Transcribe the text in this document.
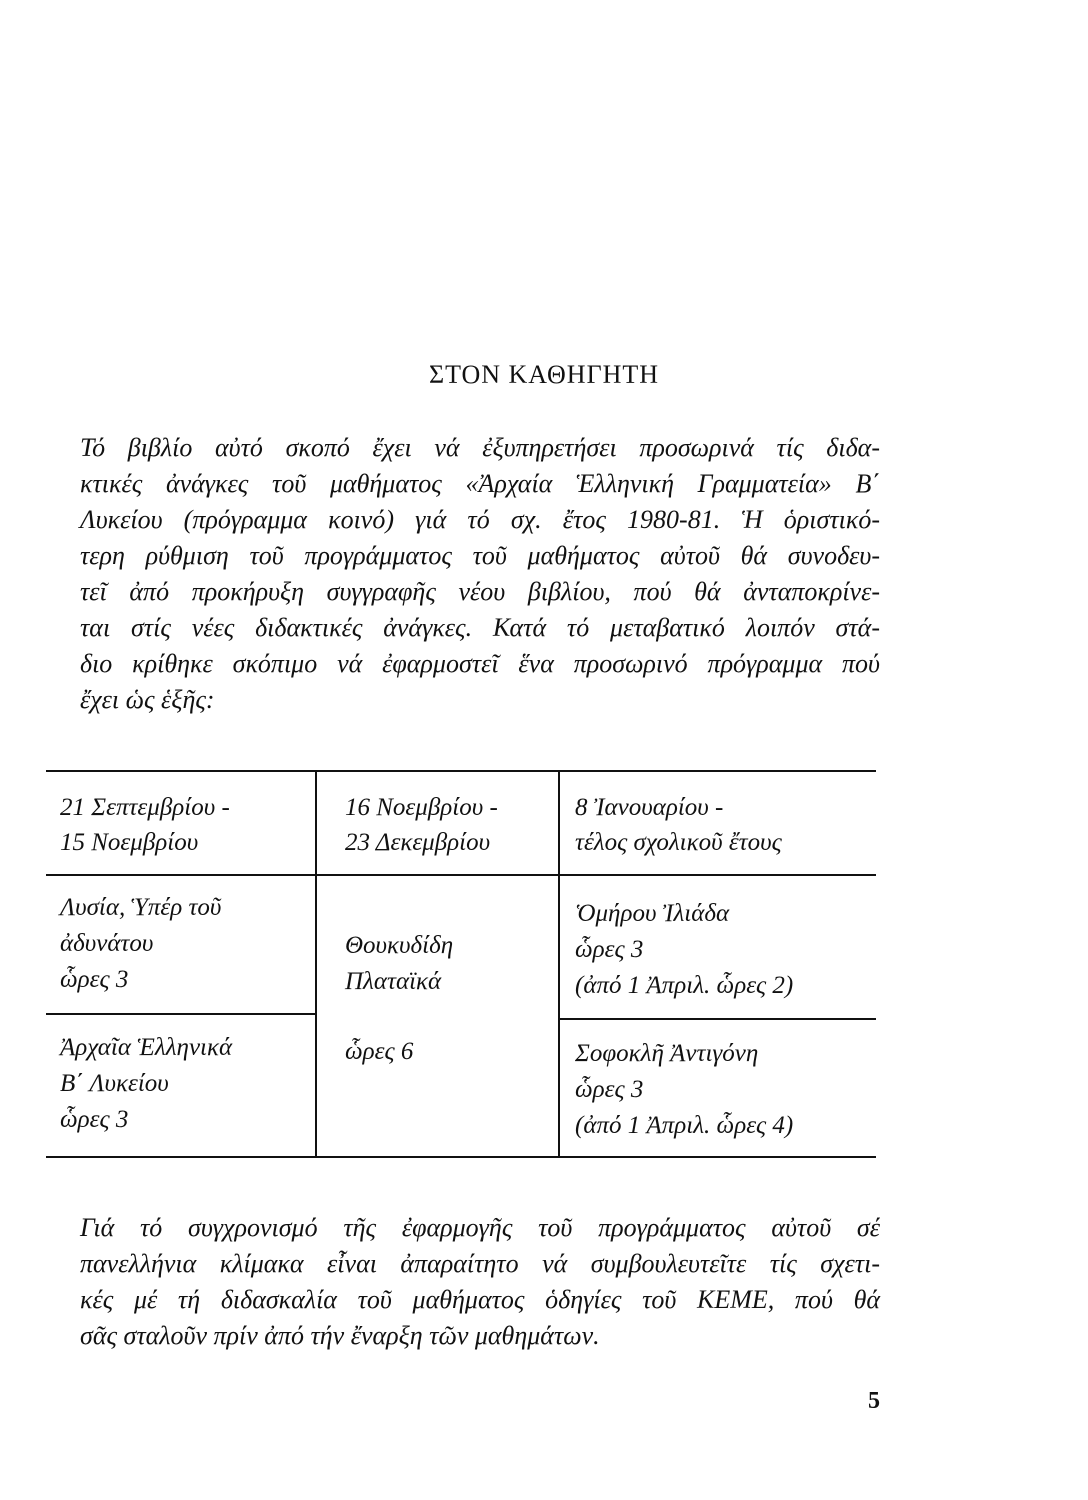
ΣΤΟΝ ΚΑΘΗΓΗΤΗ
Τό βιβλίο αὐτό σκοπό ἔχει νά ἐξυπηρετήσει προσωρινά τίς διδα-
κτικές ἀνάγκες τοῦ μαθήματος «Ἀρχαία Ἑλληνική Γραμματεία» Β΄
Λυκείου (πρόγραμμα κοινό) γιά τό σχ. ἔτος 1980-81. Ἡ ὁριστικό-
τερη ρύθμιση τοῦ προγράμματος τοῦ μαθήματος αὐτοῦ θά συνοδευ-
τεῖ ἀπό προκήρυξη συγγραφῆς νέου βιβλίου, πού θά ἀνταποκρίνε-
ται στίς νέες διδακτικές ἀνάγκες. Κατά τό μεταβατικό λοιπόν στά-
διο κρίθηκε σκόπιμο νά ἐφαρμοστεῖ ἕνα προσωρινό πρόγραμμα πού
ἔχει ὡς ἑξῆς:
21 Σεπτεμβρίου -
15 Νοεμβρίου
16 Νοεμβρίου -
23 Δεκεμβρίου
8 Ἰανουαρίου -
τέλος σχολικοῦ ἔτους
Λυσία, Ὑπέρ τοῦ
ἀδυνάτου
ὧρες 3
Ἀρχαῖα Ἑλληνικά
Β΄ Λυκείου
ὧρες 3
Θουκυδίδη
Πλαταϊκά
ὧρες 6
Ὁμήρου Ἰλιάδα
ὧρες 3
(ἀπό 1 Ἀπριλ. ὧρες 2)
Σοφοκλῆ Ἀντιγόνη
ὧρες 3
(ἀπό 1 Ἀπριλ. ὧρες 4)
Γιά τό συγχρονισμό τῆς ἐφαρμογῆς τοῦ προγράμματος αὐτοῦ σέ
πανελλήνια κλίμακα εἶναι ἀπαραίτητο νά συμβουλευτεῖτε τίς σχετι-
κές μέ τή διδασκαλία τοῦ μαθήματος ὁδηγίες τοῦ ΚΕΜΕ, πού θά
σᾶς σταλοῦν πρίν ἀπό τήν ἔναρξη τῶν μαθημάτων.
5
